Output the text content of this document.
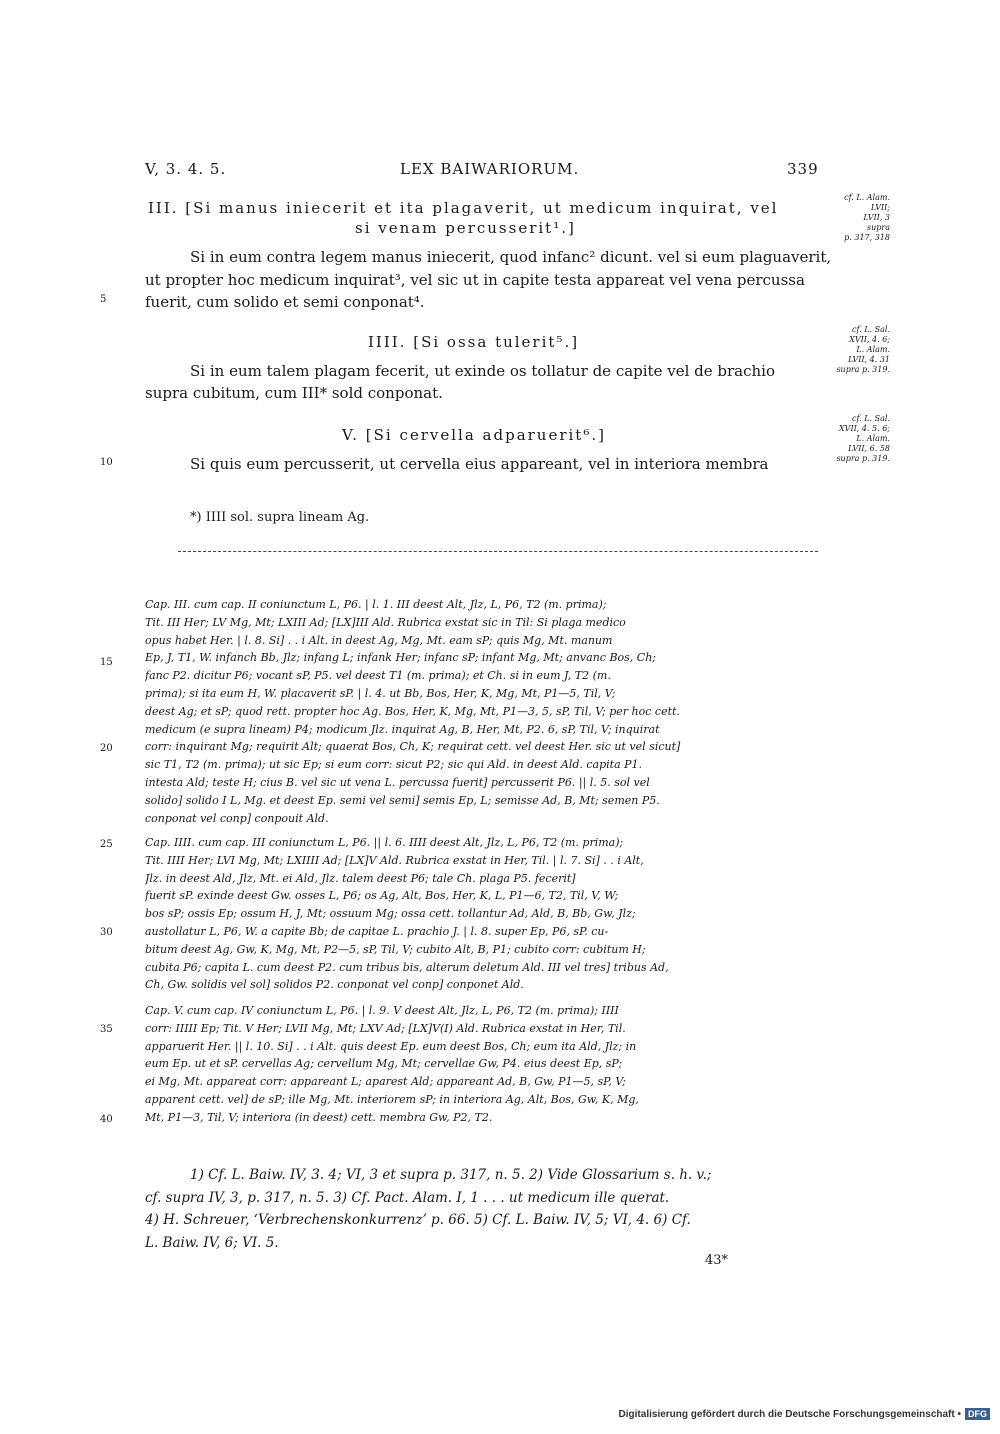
V, 3. 4. 5.	LEX BAIWARIORUM.	339
III. [Si manus iniecerit et ita plagaverit, ut medicum inquirat, vel
si venam percusserit¹.]
Si in eum contra legem manus iniecerit, quod infanc² dicunt. vel si eum plaguaverit,
ut propter hoc medicum inquirat³, vel sic ut in capite testa appareat vel vena percussa
fuerit, cum solido et semi conponat⁴.
cf. L. Alam.
LVII;
LVII, 3
supra
p. 317, 318
IIII. [Si ossa tulerit⁵.]
Si in eum talem plagam fecerit, ut exinde os tollatur de capite vel de brachio
supra cubitum, cum III* sold conponat.
cf. L. Sal.
XVII, 4. 6;
L. Alam.
LVII, 4. 31
supra p. 319.
V. [Si cervella adparuerit⁶.]
Si quis eum percusserit, ut cervella eius appareant, vel in interiora membra
cf. L. Sal.
XVII, 4. 5. 6;
L. Alam.
LVII, 6. 58
supra p. 319.
5
10
15
20
25
30
35
40
*) IIII sol. supra lineam Ag.
Cap. III. cum cap. II coniunctum L, P6. | l. 1. III deest Alt, Jlz, L, P6, T2 (m. prima);
Tit. III Her; LV Mg, Mt; LXIII Ad; [LX]III Ald. Rubrica exstat sic in Til: Si plaga medico
opus habet Her. | l. 8. Si] . . i Alt. in deest Ag, Mg, Mt. eam sP; quis Mg, Mt. manum
Ep, J, T1, W. infanch Bb, Jlz; infang L; infank Her; infanc sP; infant Mg, Mt; anvanc Bos, Ch;
fanc P2. dicitur P6; vocant sP, P5. vel deest T1 (m. prima); et Ch. si in eum J, T2 (m.
prima); si ita eum H, W. placaverit sP. | l. 4. ut Bb, Bos, Her, K, Mg, Mt, P1—5, Til, V;
deest Ag; et sP; quod rett. propter hoc Ag. Bos, Her, K, Mg, Mt, P1—3, 5, sP, Til, V; per hoc cett.
medicum (e supra lineam) P4; modicum Jlz. inquirat Ag, B, Her, Mt, P2. 6, sP, Til, V; inquirat
corr: inquirant Mg; requirit Alt; quaerat Bos, Ch, K; requirat cett. vel deest Her. sic ut vel sicut]
sic T1, T2 (m. prima); ut sic Ep; si eum corr: sicut P2; sic qui Ald. in deest Ald. capita P1.
intesta Ald; teste H; cius B. vel sic ut vena L. percussa fuerit] percusserit P6. || l. 5. sol vel
solido] solido I L, Mg. et deest Ep. semi vel semi] semis Ep, L; semisse Ad, B, Mt; semen P5.
conponat vel conp] conpouit Ald.
Cap. IIII. cum cap. III coniunctum L, P6. || l. 6. IIII deest Alt, Jlz, L, P6, T2 (m. prima);
Tit. IIII Her; LVI Mg, Mt; LXIIII Ad; [LX]V Ald. Rubrica exstat in Her, Til. | l. 7. Si] . . i Alt,
Jlz. in deest Ald, Jlz, Mt. ei Ald, Jlz. talem deest P6; tale Ch. plaga P5. fecerit]
fuerit sP. exinde deest Gw. osses L, P6; os Ag, Alt, Bos, Her, K, L, P1—6, T2, Til, V, W;
bos sP; ossis Ep; ossum H, J, Mt; ossuum Mg; ossa cett. tollantur Ad, Ald, B, Bb, Gw, Jlz;
austollatur L, P6, W. a capite Bb; de capitae L. prachio J. | l. 8. super Ep, P6, sP. cu-
bitum deest Ag, Gw, K, Mg, Mt, P2—5, sP, Til, V; cubito Alt, B, P1; cubito corr: cubitum H;
cubita P6; capita L. cum deest P2. cum tribus bis, alterum deletum Ald. III vel tres] tribus Ad,
Ch, Gw. solidis vel sol] solidos P2. conponat vel conp] conponet Ald.
Cap. V. cum cap. IV coniunctum L, P6. | l. 9. V deest Alt, Jlz, L, P6, T2 (m. prima); IIII
corr: IIIII Ep; Tit. V Her; LVII Mg, Mt; LXV Ad; [LX]V(I) Ald. Rubrica exstat in Her, Til.
apparuerit Her. || l. 10. Si] . . i Alt. quis deest Ep. eum deest Bos, Ch; eum ita Ald, Jlz; in
eum Ep. ut et sP. cervellas Ag; cervellum Mg, Mt; cervellae Gw, P4. eius deest Ep, sP;
ei Mg, Mt. appareat corr: appareant L; aparest Ald; appareant Ad, B, Gw, P1—5, sP, V;
apparent cett. vel] de sP; ille Mg, Mt. interiorem sP; in interiora Ag, Alt, Bos, Gw, K, Mg,
Mt, P1—3, Til, V; interiora (in deest) cett. membra Gw, P2, T2.
1) Cf. L. Baiw. IV, 3. 4; VI, 3 et supra p. 317, n. 5. 2) Vide Glossarium s. h. v.;
cf. supra IV, 3, p. 317, n. 5. 3) Cf. Pact. Alam. I, 1 . . . ut medicum ille querat.
4) H. Schreuer, ‘Verbrechenskonkurrenz’ p. 66. 5) Cf. L. Baiw. IV, 5; VI, 4. 6) Cf.
L. Baiw. IV, 6; VI. 5.
43*
Digitalisierung gefördert durch die Deutsche Forschungsgemeinschaft • DFG
